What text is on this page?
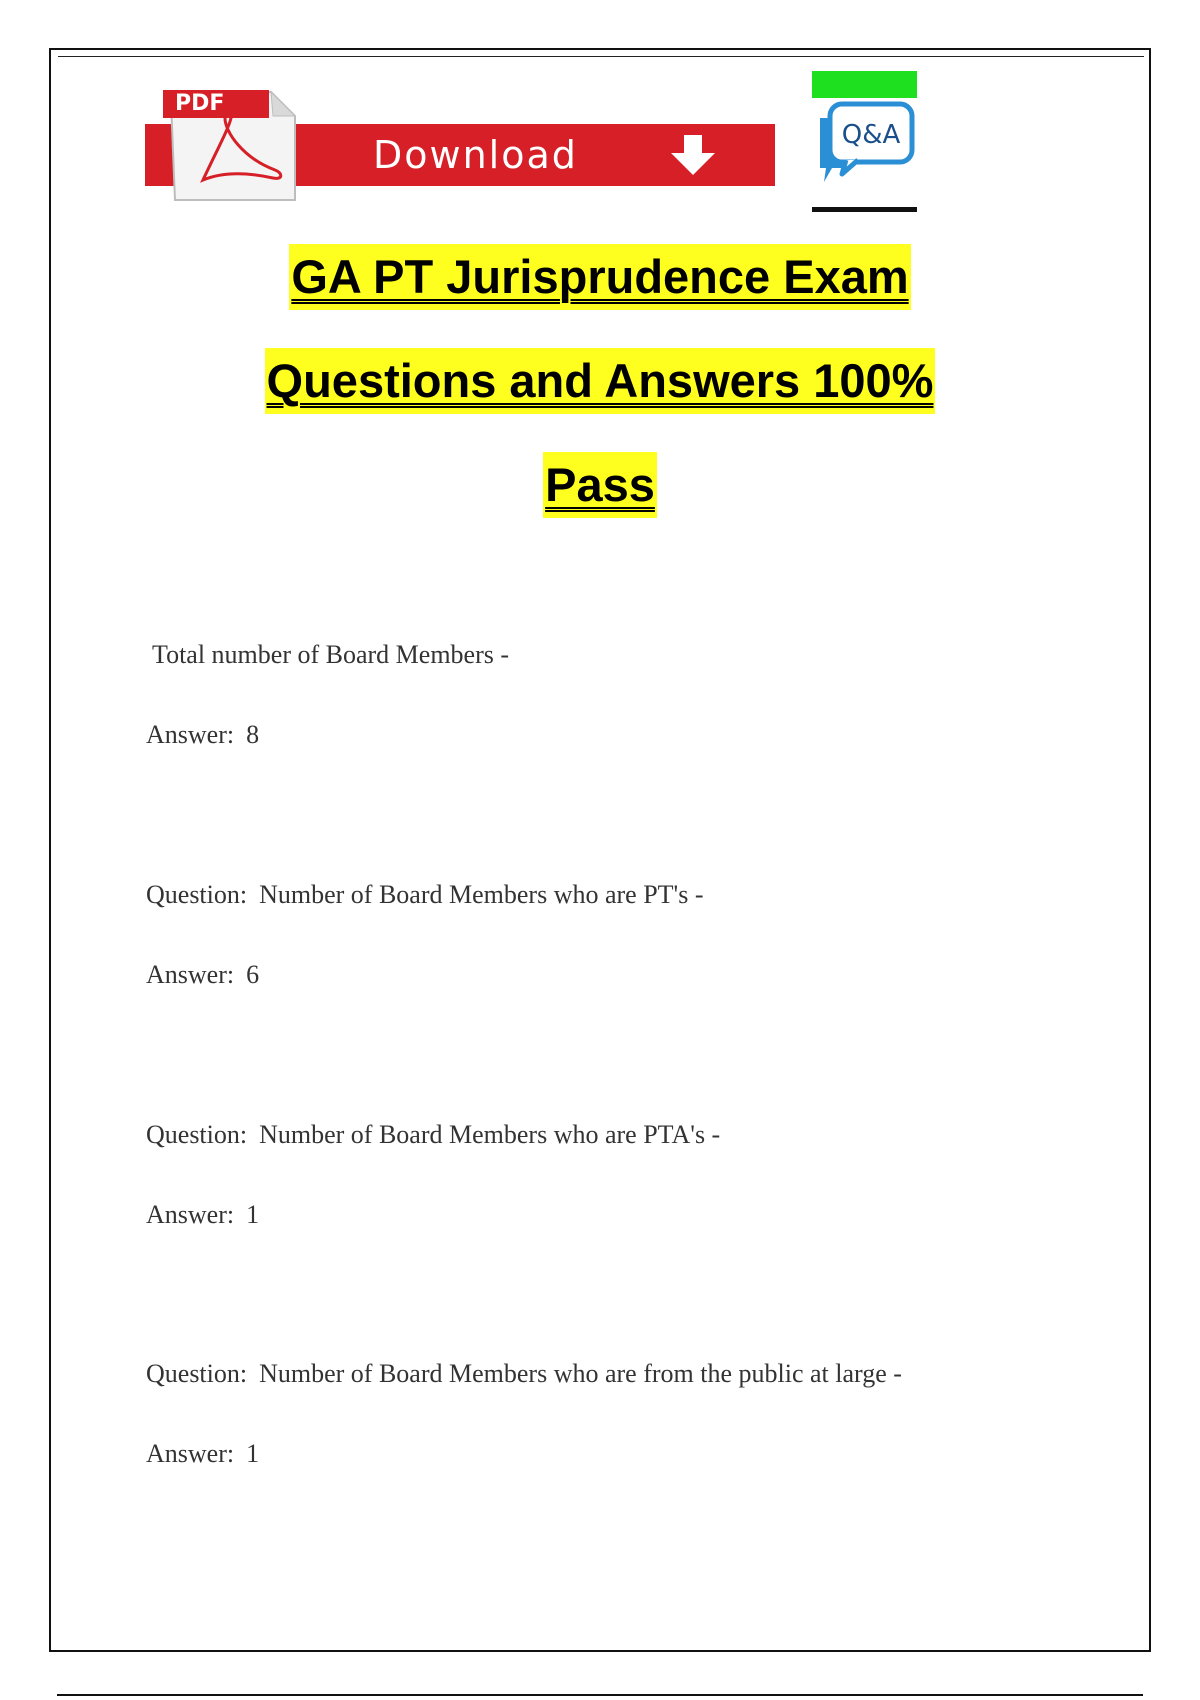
Download
PDF
Q&A
GA PT Jurisprudence Exam
Questions and Answers 100%
Pass
Total number of Board Members -
Answer: 8
Question: Number of Board Members who are PT's -
Answer: 6
Question: Number of Board Members who are PTA's -
Answer: 1
Question: Number of Board Members who are from the public at large -
Answer: 1
